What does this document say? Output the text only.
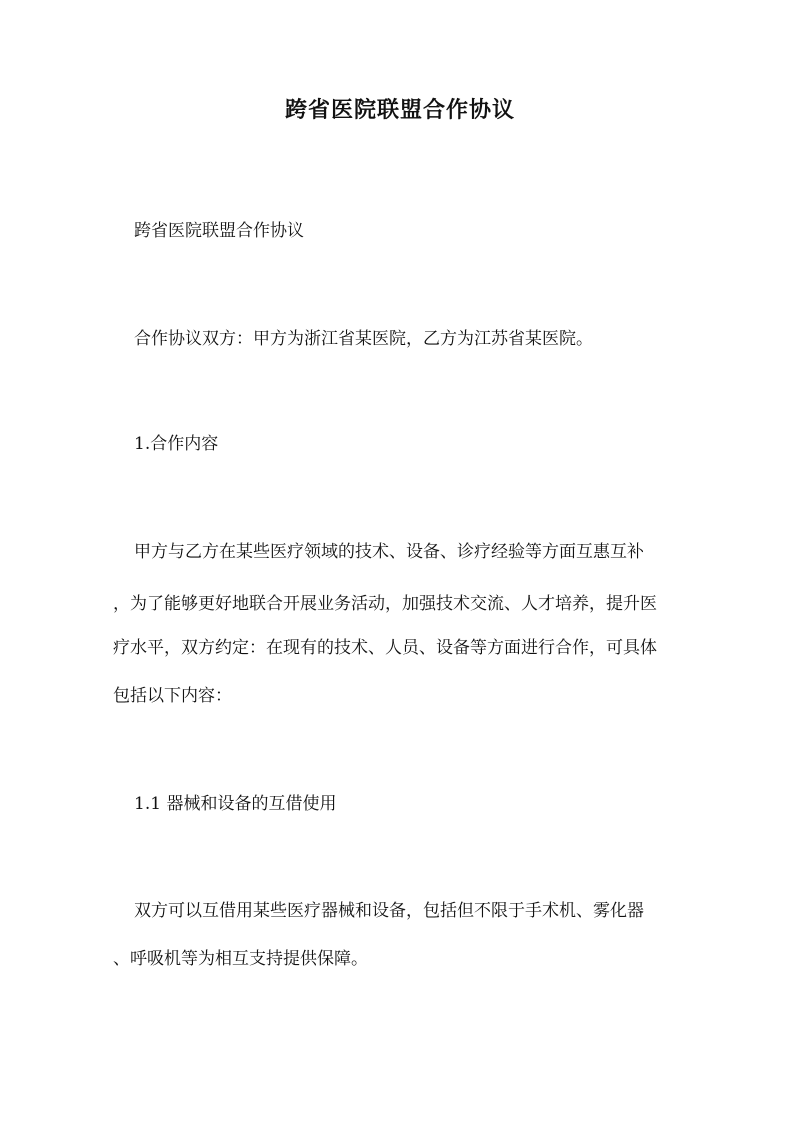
跨省医院联盟合作协议
跨省医院联盟合作协议
合作协议双方：甲方为浙江省某医院，乙方为江苏省某医院。
1.合作内容
甲方与乙方在某些医疗领域的技术、设备、诊疗经验等方面互惠互补
，为了能够更好地联合开展业务活动，加强技术交流、人才培养，提升医
疗水平，双方约定：在现有的技术、人员、设备等方面进行合作，可具体
包括以下内容：
1.1 器械和设备的互借使用
双方可以互借用某些医疗器械和设备，包括但不限于手术机、雾化器
、呼吸机等为相互支持提供保障。
